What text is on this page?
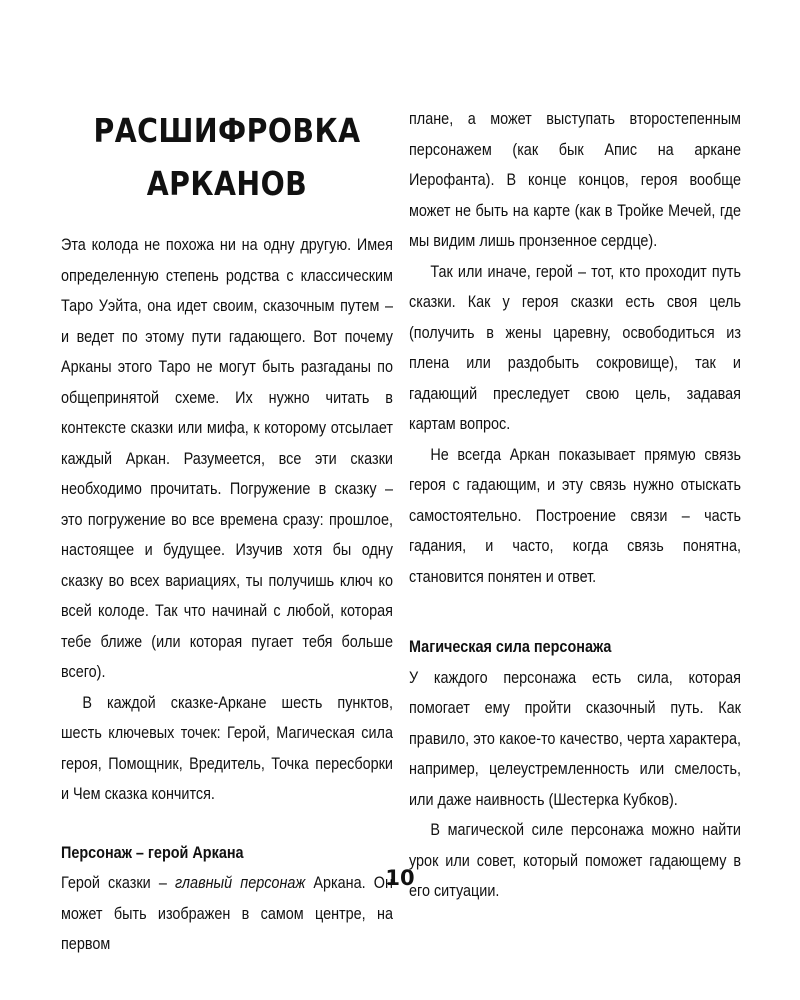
РАСШИФРОВКА
АРКАНОВ

Эта колода не похожа ни на одну другую. Имея определенную степень родства с классическим Таро Уэйта, она идет своим, сказочным путем – и ведет по этому пути гадающего. Вот почему Арканы этого Таро не могут быть разгаданы по общепринятой схеме. Их нужно читать в контексте сказки или мифа, к которому отсылает каждый Аркан. Разумеется, все эти сказки необходимо прочитать. Погружение в сказку – это погружение во все времена сразу: прошлое, настоящее и будущее. Изучив хотя бы одну сказку во всех вариациях, ты получишь ключ ко всей колоде. Так что начинай с любой, которая тебе ближе (или которая пугает тебя больше всего).

В каждой сказке-Аркане шесть пунктов, шесть ключевых точек: Герой, Магическая сила героя, Помощник, Вредитель, Точка пересборки и Чем сказка кончится.

Персонаж – герой Аркана
Герой сказки – главный персонаж Аркана. Он может быть изображен в самом центре, на первом

плане, а может выступать второстепенным персонажем (как бык Апис на аркане Иерофанта). В конце концов, героя вообще может не быть на карте (как в Тройке Мечей, где мы видим лишь пронзенное сердце).

Так или иначе, герой – тот, кто проходит путь сказки. Как у героя сказки есть своя цель (получить в жены царевну, освободиться из плена или раздобыть сокровище), так и гадающий преследует свою цель, задавая картам вопрос.

Не всегда Аркан показывает прямую связь героя с гадающим, и эту связь нужно отыскать самостоятельно. Построение связи – часть гадания, и часто, когда связь понятна, становится понятен и ответ.

Магическая сила персонажа

У каждого персонажа есть сила, которая помогает ему пройти сказочный путь. Как правило, это какое-то качество, черта характера, например, целеустремленность или смелость, или даже наивность (Шестерка Кубков).

В магической силе персонажа можно найти урок или совет, который поможет гадающему в его ситуации.

10
